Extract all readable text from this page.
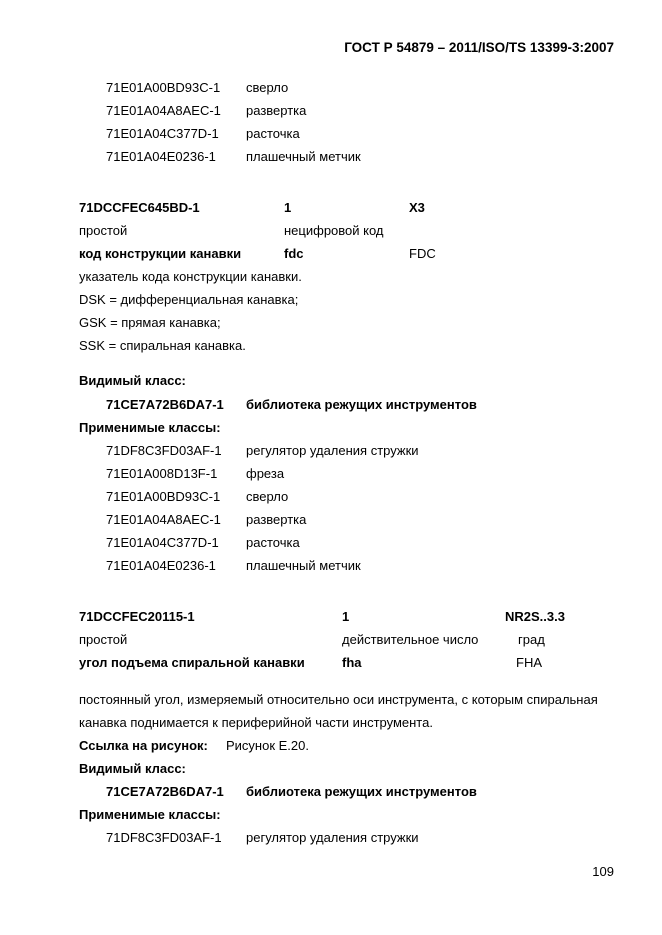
ГОСТ Р 54879 – 2011/ISO/TS 13399-3:2007
71E01A00BD93C-1 сверло
71E01A04A8AEC-1 развертка
71E01A04C377D-1 расточка
71E01A04E0236-1 плашечный метчик
71DCCFEC645BD-1	1	X3
простой	нецифровой код
код конструкции канавки	fdc	FDC
указатель кода конструкции канавки.
DSK = дифференциальная канавка;
GSK = прямая канавка;
SSK = спиральная канавка.
Видимый класс:
71CE7A72B6DA7-1 библиотека режущих инструментов
Применимые классы:
71DF8C3FD03AF-1 регулятор удаления стружки
71E01A008D13F-1 фреза
71E01A00BD93C-1 сверло
71E01A04A8AEC-1 развертка
71E01A04C377D-1 расточка
71E01A04E0236-1 плашечный метчик
71DCCFEC20115-1	1	NR2S..3.3
простой	действительное число	град
угол подъема спиральной канавки	fha	FHA
постоянный угол, измеряемый относительно оси инструмента, с которым спиральная
канавка поднимается к периферийной части инструмента.
Ссылка на рисунок: Рисунок E.20.
Видимый класс:
71CE7A72B6DA7-1 библиотека режущих инструментов
Применимые классы:
71DF8C3FD03AF-1 регулятор удаления стружки
109
